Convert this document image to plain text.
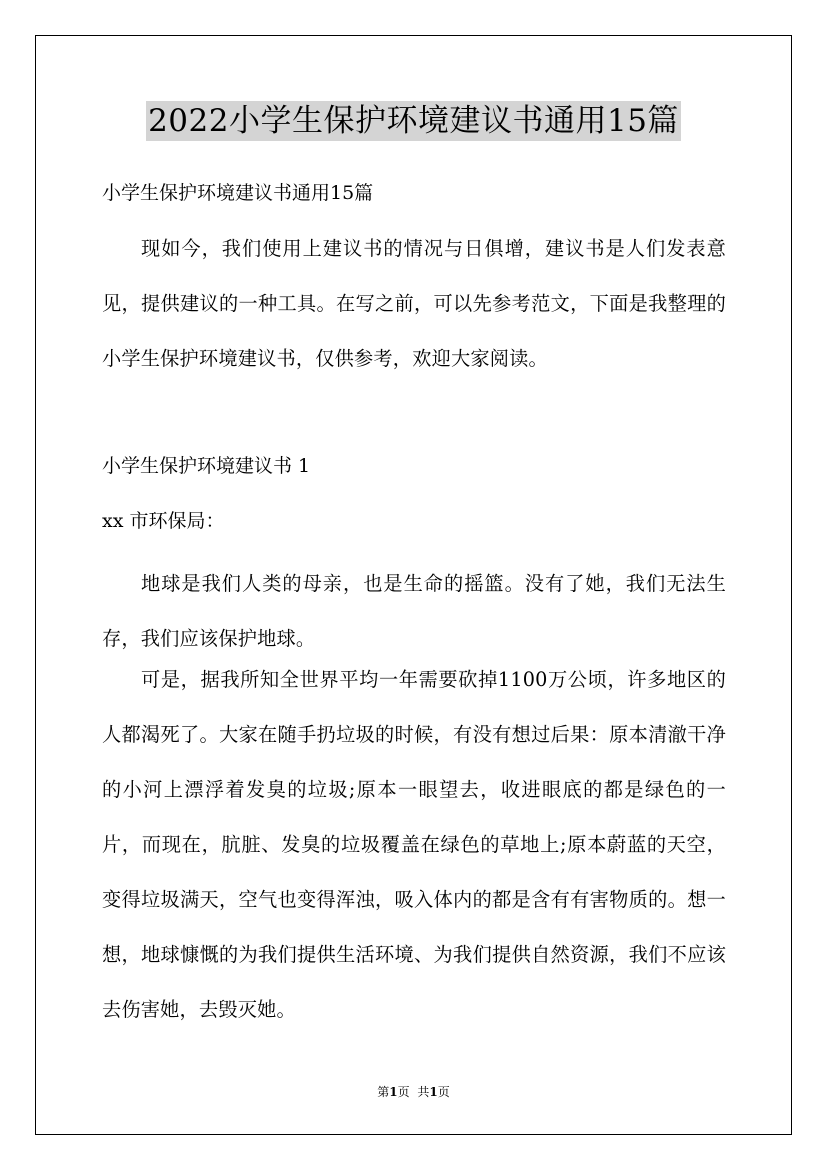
2022小学生保护环境建议书通用15篇
小学生保护环境建议书通用15篇
现如今，我们使用上建议书的情况与日俱增，建议书是人们发表意见，提供建议的一种工具。在写之前，可以先参考范文，下面是我整理的小学生保护环境建议书，仅供参考，欢迎大家阅读。
小学生保护环境建议书 1
xx 市环保局：
地球是我们人类的母亲，也是生命的摇篮。没有了她，我们无法生存，我们应该保护地球。
可是，据我所知全世界平均一年需要砍掉1100万公顷，许多地区的人都渴死了。大家在随手扔垃圾的时候，有没有想过后果：原本清澈干净的小河上漂浮着发臭的垃圾;原本一眼望去，收进眼底的都是绿色的一片，而现在，肮脏、发臭的垃圾覆盖在绿色的草地上;原本蔚蓝的天空，变得垃圾满天，空气也变得浑浊，吸入体内的都是含有有害物质的。想一想，地球慷慨的为我们提供生活环境、为我们提供自然资源，我们不应该去伤害她，去毁灭她。
第1页 共1页
